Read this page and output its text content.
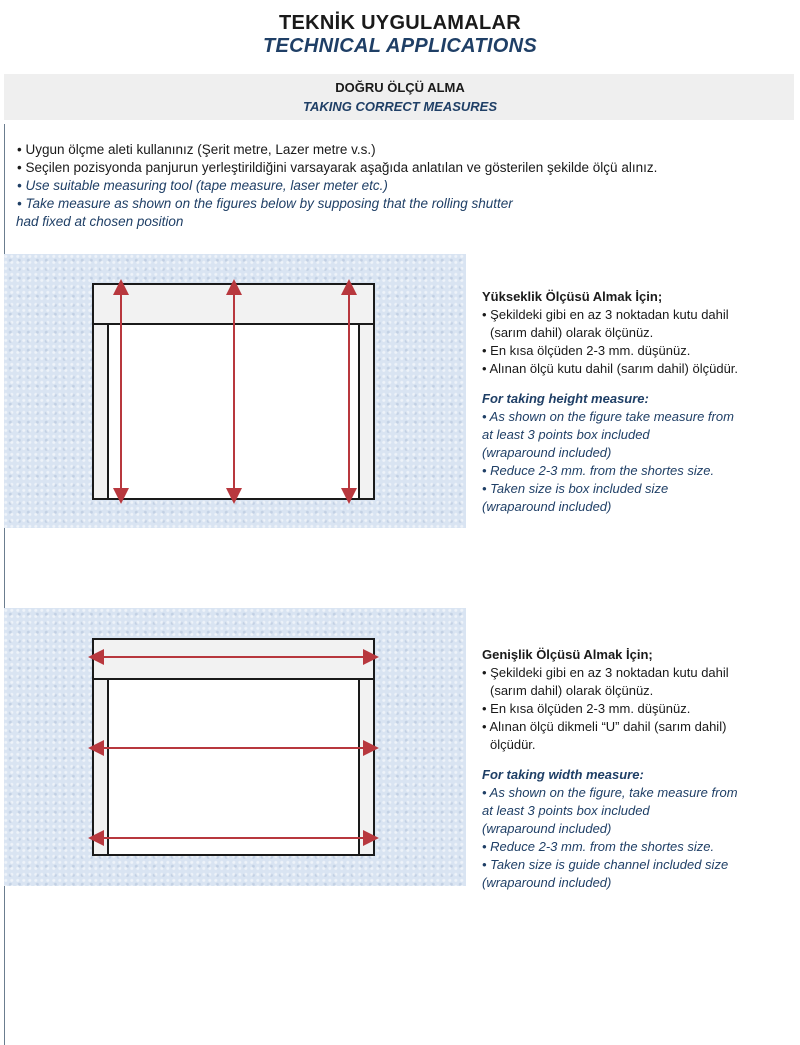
TEKNİK UYGULAMALAR
TECHNICAL APPLICATIONS
DOĞRU ÖLÇÜ ALMA
TAKING CORRECT MEASURES
• Uygun ölçme aleti kullanınız (Şerit metre, Lazer metre v.s.)
• Seçilen pozisyonda panjurun yerleştirildiğini varsayarak aşağıda anlatılan ve gösterilen şekilde ölçü alınız.
• Use suitable measuring tool (tape measure, laser meter etc.)
• Take measure as shown on the figures below by supposing that the rolling shutter
had fixed at chosen position
Yükseklik Ölçüsü Almak İçin;
• Şekildeki gibi en az 3 noktadan kutu dahil
(sarım dahil) olarak ölçünüz.
• En kısa ölçüden 2-3 mm. düşünüz.
• Alınan ölçü kutu dahil (sarım dahil) ölçüdür.
For taking height measure:
• As shown on the figure take measure from
at least 3 points box included
(wraparound included)
• Reduce 2-3 mm. from the shortes size.
• Taken size is box included size
(wraparound included)
Genişlik Ölçüsü Almak İçin;
• Şekildeki gibi en az 3 noktadan kutu dahil
(sarım dahil) olarak ölçünüz.
• En kısa ölçüden 2-3 mm. düşünüz.
• Alınan ölçü dikmeli “U” dahil (sarım dahil)
ölçüdür.
For taking width measure:
• As shown on the figure, take measure from
at least 3 points box included
(wraparound included)
• Reduce 2-3 mm. from the shortes size.
• Taken size is guide channel included size
(wraparound included)
